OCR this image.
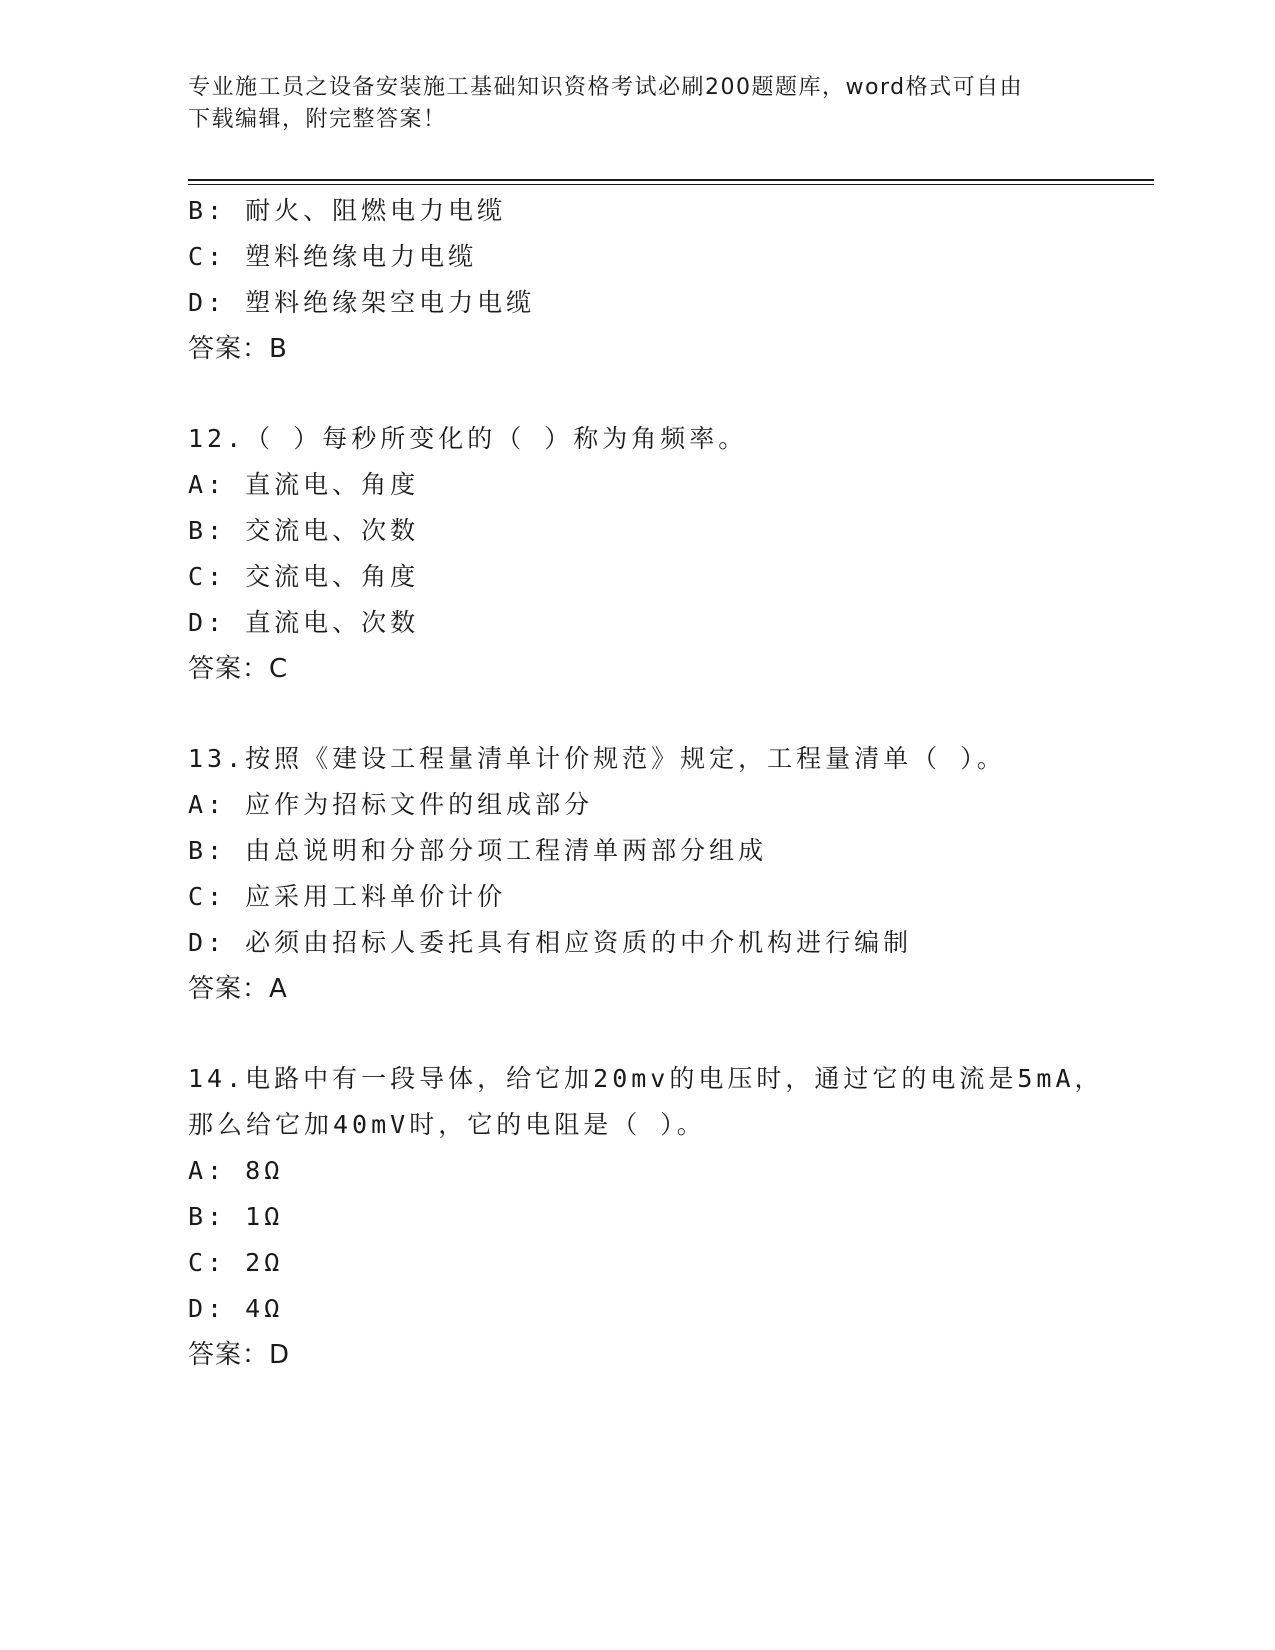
专业施工员之设备安装施工基础知识资格考试必刷200题题库，word格式可自由
下载编辑，附完整答案！
B: 耐火、阻燃电力电缆
C: 塑料绝缘电力电缆
D: 塑料绝缘架空电力电缆
答案：B
12.（ ）每秒所变化的（ ）称为角频率。
A: 直流电、角度
B: 交流电、次数
C: 交流电、角度
D: 直流电、次数
答案：C
13.按照《建设工程量清单计价规范》规定，工程量清单（ ）。
A: 应作为招标文件的组成部分
B: 由总说明和分部分项工程清单两部分组成
C: 应采用工料单价计价
D: 必须由招标人委托具有相应资质的中介机构进行编制
答案：A
14.电路中有一段导体，给它加20mv的电压时，通过它的电流是5mA，
那么给它加40mV时，它的电阻是（ ）。
A: 8Ω
B: 1Ω
C: 2Ω
D: 4Ω
答案：D
